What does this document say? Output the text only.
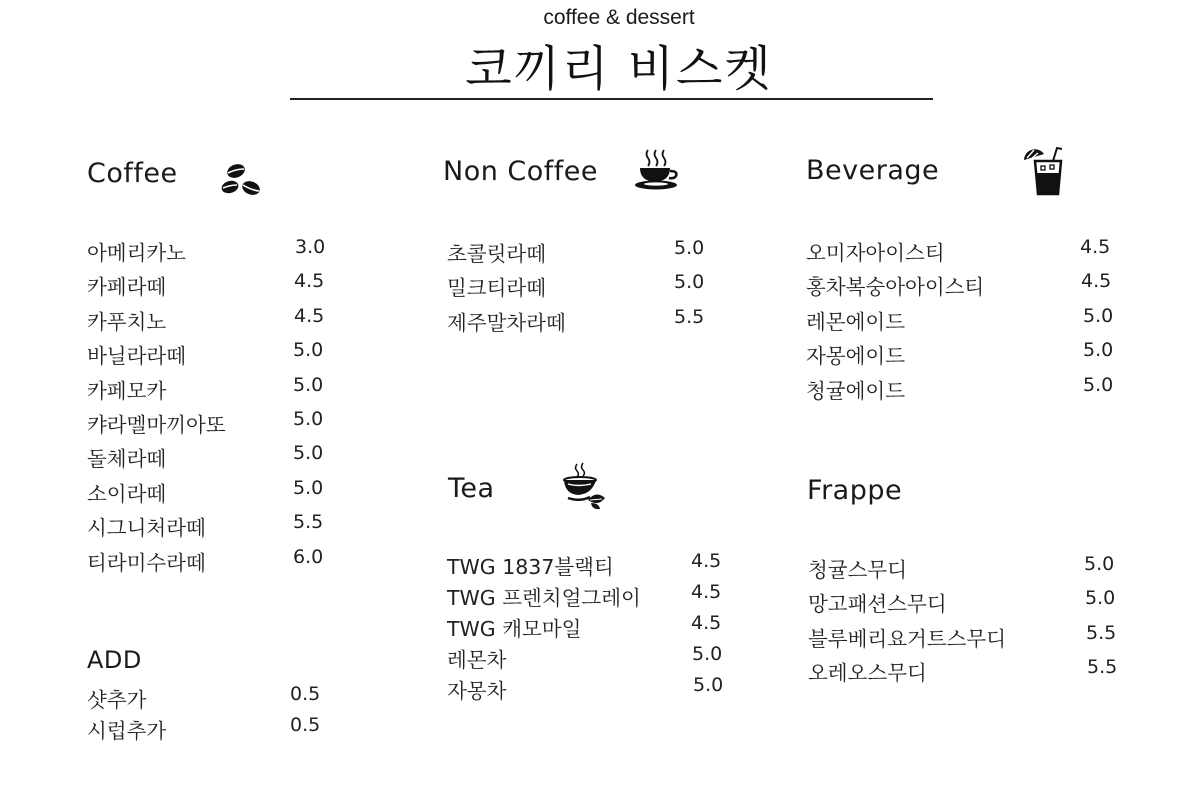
coffee & dessert
코끼리 비스켓
Coffee
아메리카노	3.0
카페라떼	4.5
카푸치노	4.5
바닐라라떼	5.0
카페모카	5.0
캬라멜마끼아또	5.0
돌체라떼	5.0
소이라떼	5.0
시그니처라떼	5.5
티라미수라떼	6.0
ADD
샷추가	0.5
시럽추가	0.5
Non Coffee
초콜릿라떼	5.0
밀크티라떼	5.0
제주말차라떼	5.5
Tea
TWG 1837블랙티	4.5
TWG 프렌치얼그레이	4.5
TWG 캐모마일	4.5
레몬차	5.0
자몽차	5.0
Beverage
오미자아이스티	4.5
홍차복숭아아이스티	4.5
레몬에이드	5.0
자몽에이드	5.0
청귤에이드	5.0
Frappe
청귤스무디	5.0
망고패션스무디	5.0
블루베리요거트스무디	5.5
오레오스무디	5.5
